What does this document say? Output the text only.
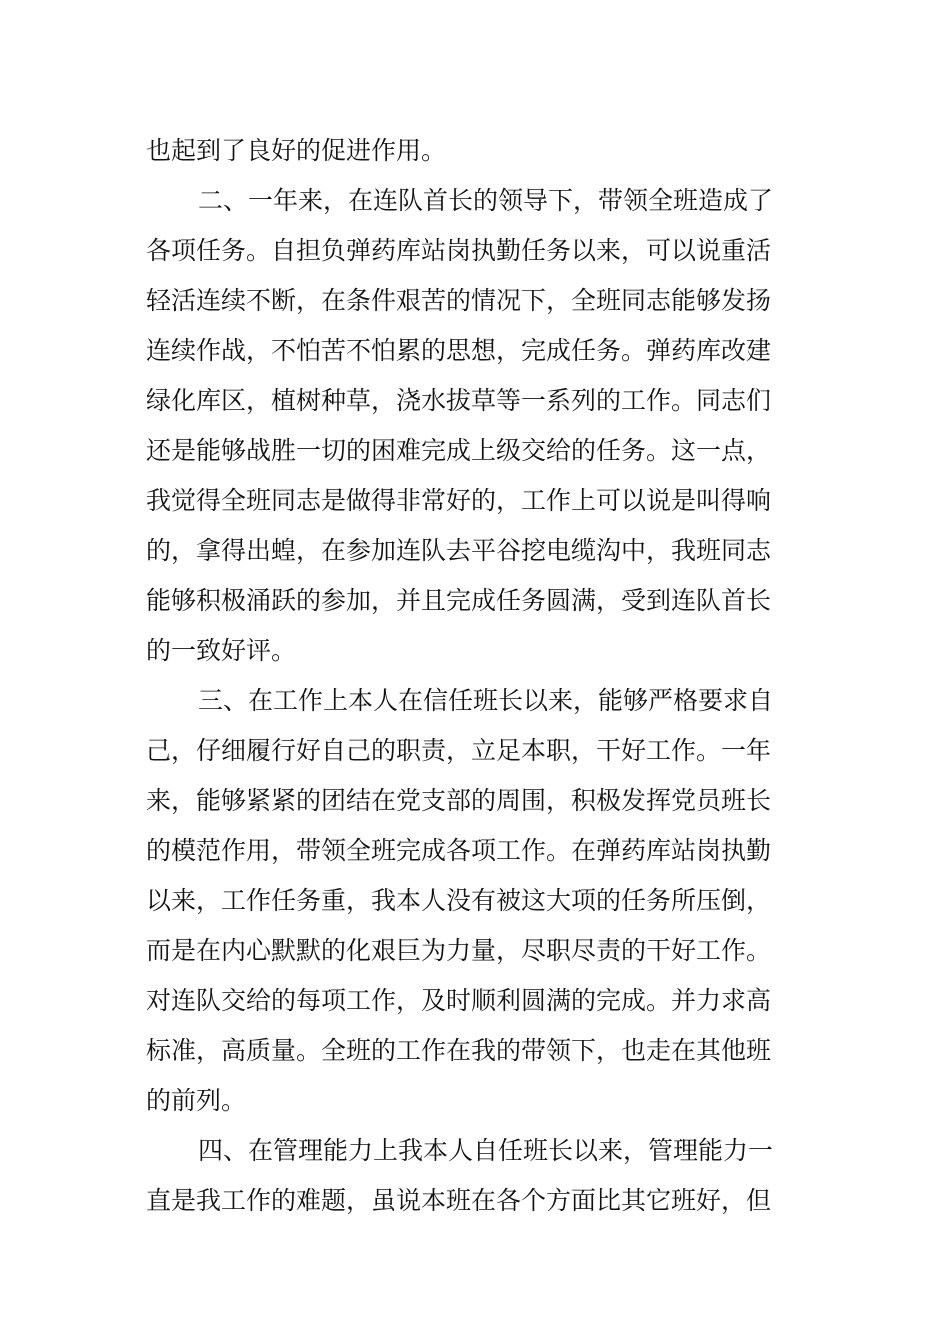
也起到了良好的促进作用。
二、一年来，在连队首长的领导下，带领全班造成了
各项任务。自担负弹药库站岗执勤任务以来，可以说重活
轻活连续不断，在条件艰苦的情况下，全班同志能够发扬
连续作战，不怕苦不怕累的思想，完成任务。弹药库改建
绿化库区，植树种草，浇水拔草等一系列的工作。同志们
还是能够战胜一切的困难完成上级交给的任务。这一点，
我觉得全班同志是做得非常好的，工作上可以说是叫得响
的，拿得出蝗，在参加连队去平谷挖电缆沟中，我班同志
能够积极涌跃的参加，并且完成任务圆满，受到连队首长
的一致好评。
三、在工作上本人在信任班长以来，能够严格要求自
己，仔细履行好自己的职责，立足本职，干好工作。一年
来，能够紧紧的团结在党支部的周围，积极发挥党员班长
的模范作用，带领全班完成各项工作。在弹药库站岗执勤
以来，工作任务重，我本人没有被这大项的任务所压倒，
而是在内心默默的化艰巨为力量，尽职尽责的干好工作。
对连队交给的每项工作，及时顺利圆满的完成。并力求高
标准，高质量。全班的工作在我的带领下，也走在其他班
的前列。
四、在管理能力上我本人自任班长以来，管理能力一
直是我工作的难题，虽说本班在各个方面比其它班好，但
